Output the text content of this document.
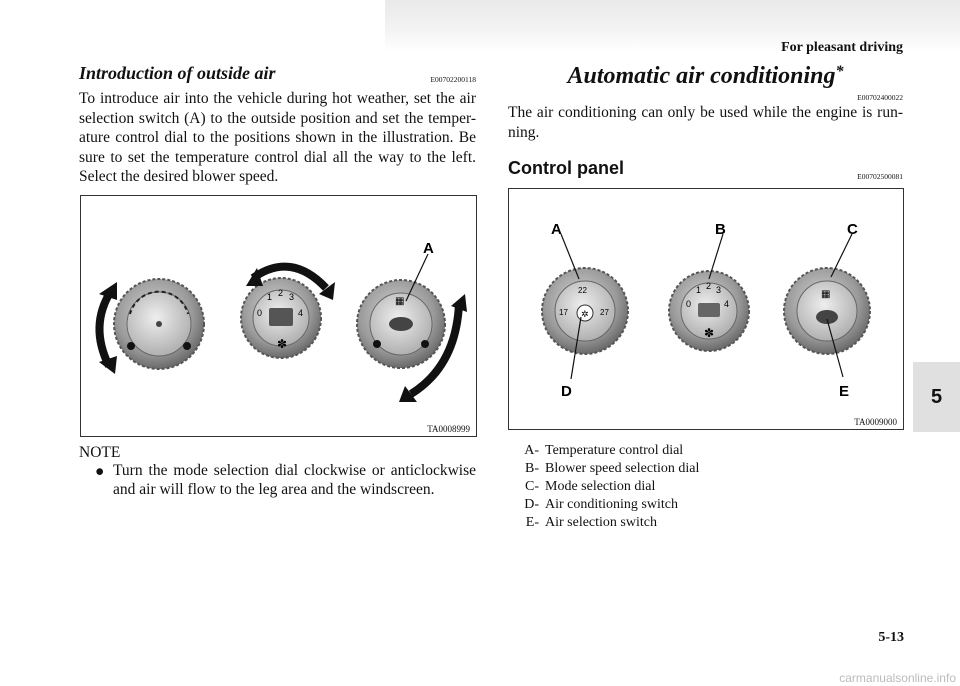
For pleasant driving
5
Introduction of outside air	E00702200118

To introduce air into the vehicle during hot weather, set the air selection switch (A) to the outside position and set the temper-ature control dial to the positions shown in the illustration. Be sure to set the temperature control dial all the way to the left. Select the desired blower speed.

0
1 2 3
4
✽
▦
A
TA0008999
NOTE
● Turn the mode selection dial clockwise or anticlockwise and air will flow to the leg area and the windscreen.
Automatic air conditioning*
E00702400022

The air conditioning can only be used while the engine is run-ning.

Control panel	E00702500081
✲
22
17	27
A
D
0
1 2 3
4
✽
B
▦
C
E
TA0009000
A- Temperature control dial
B- Blower speed selection dial
C- Mode selection dial
D- Air conditioning switch
E- Air selection switch
5-13
carmanualsonline.info
